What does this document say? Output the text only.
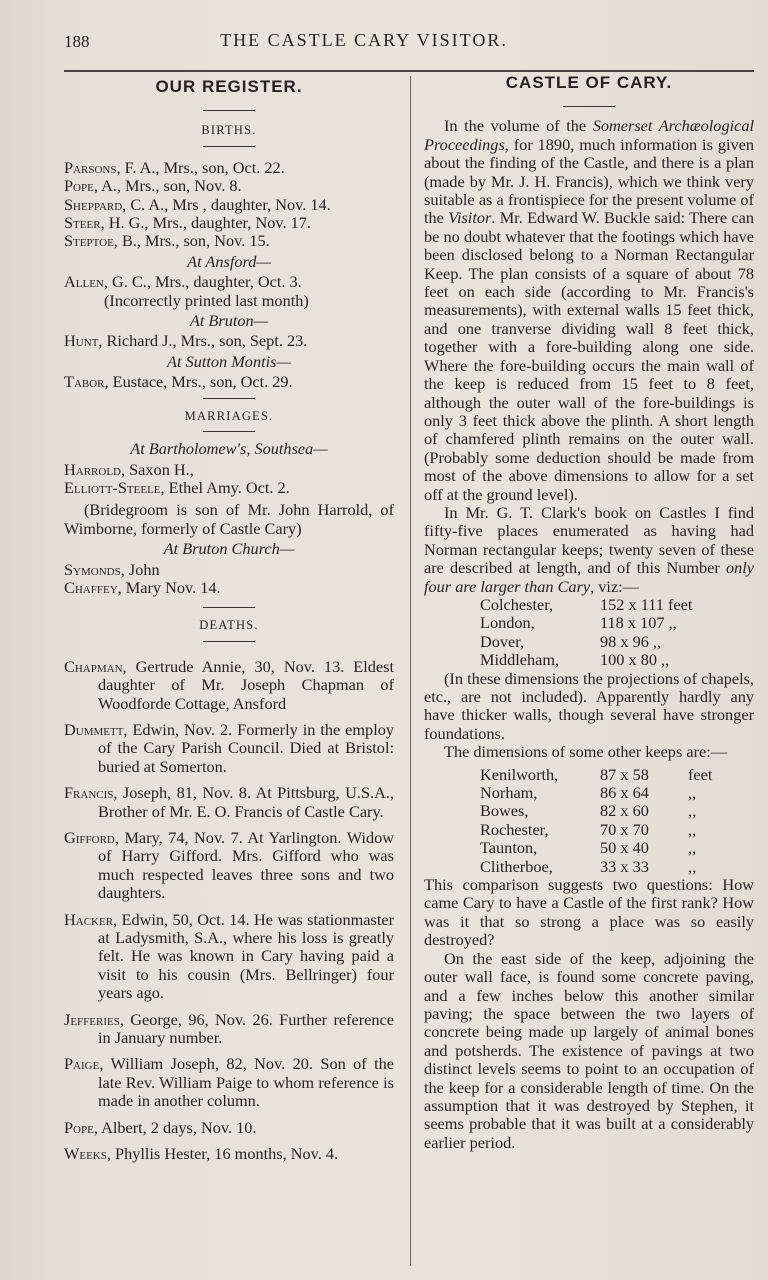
188	THE CASTLE CARY VISITOR.
OUR REGISTER.
BIRTHS.

Parsons, F. A., Mrs., son, Oct. 22.

Pope, A., Mrs., son, Nov. 8.

Sheppard, C. A., Mrs , daughter, Nov. 14.

Steer, H. G., Mrs., daughter, Nov. 17.

Steptoe, B., Mrs., son, Nov. 15.

At Ansford—

Allen, G. C., Mrs., daughter, Oct. 3.

(Incorrectly printed last month)

At Bruton—

Hunt, Richard J., Mrs., son, Sept. 23.

At Sutton Montis—

Tabor, Eustace, Mrs., son, Oct. 29.

MARRIAGES.

At Bartholomew's, Southsea—

Harrold, Saxon H.,

Elliott-Steele, Ethel Amy. Oct. 2.

(Bridegroom is son of Mr. John Harrold, of Wimborne, formerly of Castle Cary)

At Bruton Church—

Symonds, John

Chaffey, Mary Nov. 14.

DEATHS.

Chapman, Gertrude Annie, 30, Nov. 13. Eldest daughter of Mr. Joseph Chapman of Woodforde Cottage, Ansford

Dummett, Edwin, Nov. 2. Formerly in the employ of the Cary Parish Council. Died at Bristol: buried at Somerton.

Francis, Joseph, 81, Nov. 8. At Pittsburg, U.S.A., Brother of Mr. E. O. Francis of Castle Cary.

Gifford, Mary, 74, Nov. 7. At Yarlington. Widow of Harry Gifford. Mrs. Gifford who was much respected leaves three sons and two daughters.

Hacker, Edwin, 50, Oct. 14. He was stationmaster at Ladysmith, S.A., where his loss is greatly felt. He was known in Cary having paid a visit to his cousin (Mrs. Bellringer) four years ago.

Jefferies, George, 96, Nov. 26. Further reference in January number.

Paige, William Joseph, 82, Nov. 20. Son of the late Rev. William Paige to whom reference is made in another column.

Pope, Albert, 2 days, Nov. 10.

Weeks, Phyllis Hester, 16 months, Nov. 4.

CASTLE OF CARY.

In the volume of the Somerset Archæological Proceedings, for 1890, much information is given about the finding of the Castle, and there is a plan (made by Mr. J. H. Francis), which we think very suitable as a frontispiece for the present volume of the Visitor. Mr. Edward W. Buckle said: There can be no doubt whatever that the footings which have been disclosed belong to a Norman Rectangular Keep. The plan consists of a square of about 78 feet on each side (according to Mr. Francis's measurements), with external walls 15 feet thick, and one tranverse dividing wall 8 feet thick, together with a fore-building along one side. Where the fore-building occurs the main wall of the keep is reduced from 15 feet to 8 feet, although the outer wall of the fore-buildings is only 3 feet thick above the plinth. A short length of chamfered plinth remains on the outer wall. (Probably some deduction should be made from most of the above dimensions to allow for a set off at the ground level).

In Mr. G. T. Clark's book on Castles I find fifty-five places enumerated as having had Norman rectangular keeps; twenty seven of these are described at length, and of this Number only four are larger than Cary, viz:—

Colchester,	152 x 111 feet
London,	118 x 107 ,,
Dover,	98 x 96 ,,
Middleham,	100 x 80 ,,

(In these dimensions the projections of chapels, etc., are not included). Apparently hardly any have thicker walls, though several have stronger foundations.

The dimensions of some other keeps are:—

Kenilworth,	87 x 58	feet
Norham,	86 x 64	,,
Bowes,	82 x 60	,,
Rochester,	70 x 70	,,
Taunton,	50 x 40	,,
Clitherboe,	33 x 33	,,

This comparison suggests two questions: How came Cary to have a Castle of the first rank? How was it that so strong a place was so easily destroyed?

On the east side of the keep, adjoining the outer wall face, is found some concrete paving, and a few inches below this another similar paving; the space between the two layers of concrete being made up largely of animal bones and potsherds. The existence of pavings at two distinct levels seems to point to an occupation of the keep for a considerable length of time. On the assumption that it was destroyed by Stephen, it seems probable that it was built at a considerably earlier period.
